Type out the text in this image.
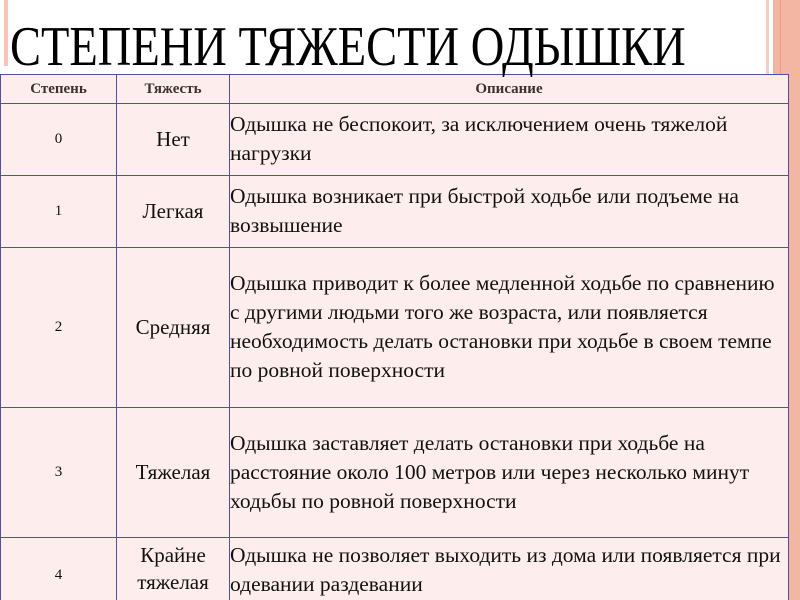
СТЕПЕНИ ТЯЖЕСТИ ОДЫШКИ
Степень	Тяжесть	Описание
0	Нет	Одышка не беспокоит, за исключением очень тяжелой нагрузки

1	Легкая	Одышка возникает при быстрой ходьбе или подъеме на возвышение

2	Средняя	Одышка приводит к более медленной ходьбе по сравнению с другими людьми того же возраста, или появляется необходимость делать остановки при ходьбе в своем темпе по ровной поверхности

3	Тяжелая	Одышка заставляет делать остановки при ходьбе на расстояние около 100 метров или через несколько минут ходьбы по ровной поверхности

4	Крайне тяжелая	Одышка не позволяет выходить из дома или появляется при одевании раздевании
